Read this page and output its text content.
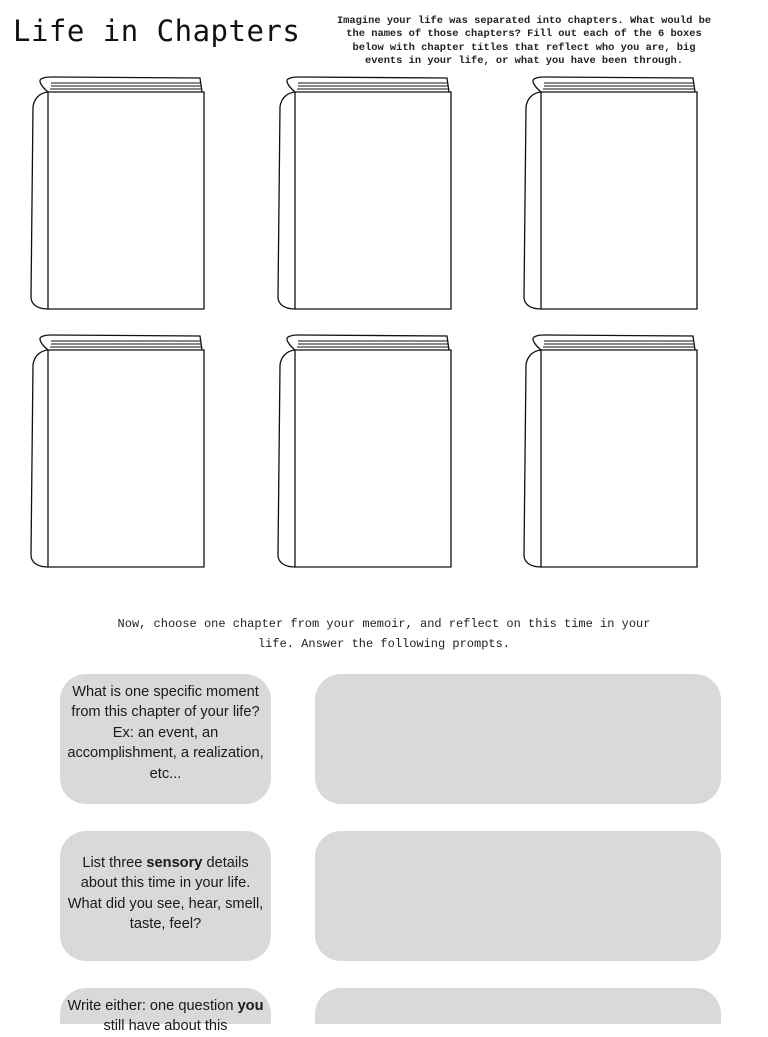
Life in Chapters	Imagine your life was separated into chapters. What would be the names of those chapters? Fill out each of the 6 boxes below with chapter titles that reflect who you are, big events in your life, or what you have been through.
Now, choose one chapter from your memoir, and reflect on this time in your life. Answer the following prompts.
What is one specific moment from this chapter of your life? Ex: an event, an accomplishment, a realization, etc...
List three sensory details about this time in your life. What did you see, hear, smell, taste, feel?
Write either: one question you still have about this
